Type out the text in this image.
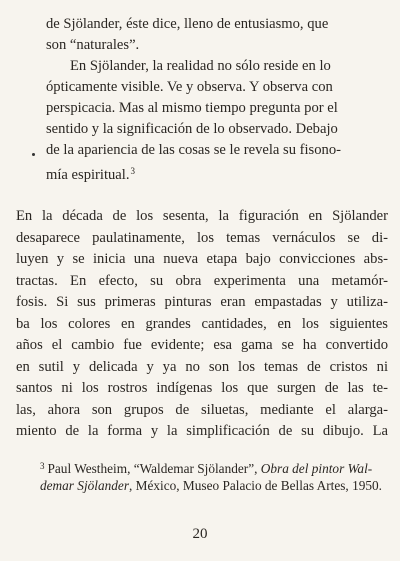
de Sjölander, éste dice, lleno de entusiasmo, que
son “naturales”.
En Sjölander, la realidad no sólo reside en lo
ópticamente visible. Ve y observa. Y observa con
perspicacia. Mas al mismo tiempo pregunta por el
sentido y la significación de lo observado. Debajo
de la apariencia de las cosas se le revela su fisono-
mía espiritual.$^3$
En la década de los sesenta, la figuración en Sjölander
desaparece paulatinamente, los temas vernáculos se di-
luyen y se inicia una nueva etapa bajo convicciones abs-
tractas. En efecto, su obra experimenta una metamór-
fosis. Si sus primeras pinturas eran empastadas y utiliza-
ba los colores en grandes cantidades, en los siguientes
años el cambio fue evidente; esa gama se ha convertido
en sutil y delicada y ya no son los temas de cristos ni
santos ni los rostros indígenas los que surgen de las te-
las, ahora son grupos de siluetas, mediante el alarga-
miento de la forma y la simplificación de su dibujo. La
$^3$ Paul Westheim, “Waldemar Sjölander”, Obra del pintor Wal-
demar Sjölander, México, Museo Palacio de Bellas Artes, 1950.
20
